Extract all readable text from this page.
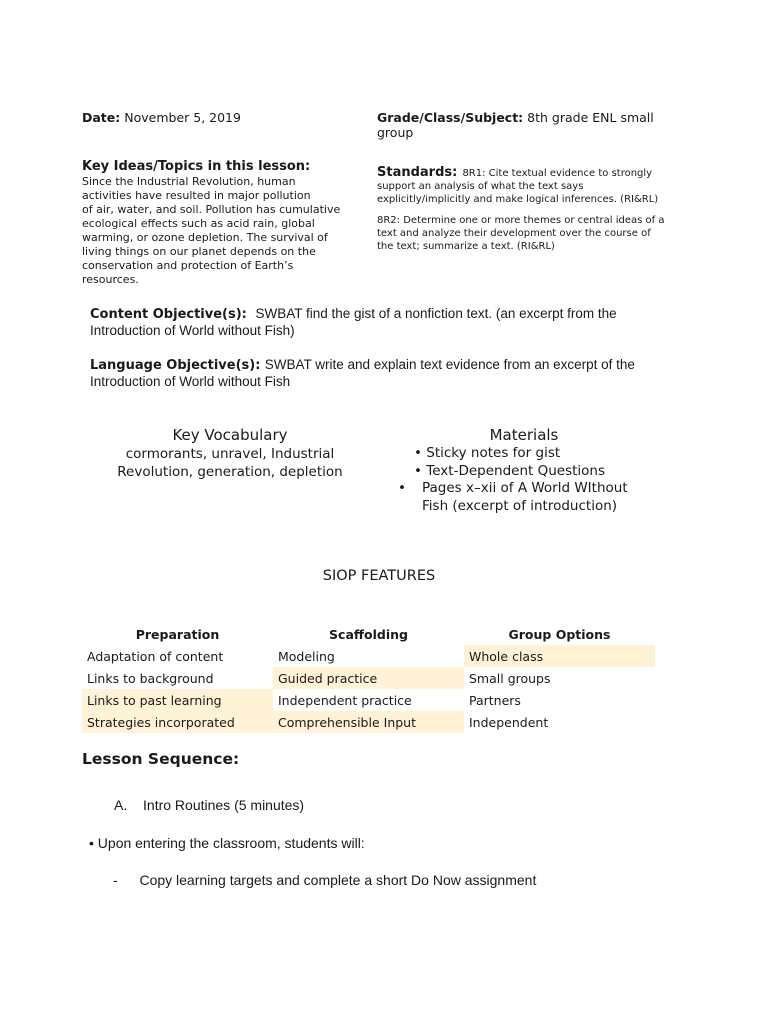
Date: November 5, 2019	Grade/Class/Subject: 8th grade ENL small
group
Key Ideas/Topics in this lesson:
Since the Industrial Revolution, human
activities have resulted in major pollution
of air, water, and soil. Pollution has cumulative
ecological effects such as acid rain, global
warming, or ozone depletion. The survival of
living things on our planet depends on the
conservation and protection of Earth’s
resources.
Standards: 8R1: Cite textual evidence to strongly
support an analysis of what the text says
explicitly/implicitly and make logical inferences. (RI&RL)
8R2: Determine one or more themes or central ideas of a
text and analyze their development over the course of
the text; summarize a text. (RI&RL)
Content Objective(s): SWBAT find the gist of a nonfiction text. (an excerpt from the
Introduction of World without Fish)
Language Objective(s): SWBAT write and explain text evidence from an excerpt of the
Introduction of World without Fish
Key Vocabulary
cormorants, unravel, Industrial
Revolution, generation, depletion
Materials
• Sticky notes for gist
• Text-Dependent Questions
• Pages x–xii of A World WIthout
Fish (excerpt of introduction)
SIOP FEATURES
Preparation	Scaffolding	Group Options
Adaptation of content	Modeling	Whole class
Links to background	Guided practice	Small groups
Links to past learning	Independent practice	Partners
Strategies incorporated	Comprehensible Input	Independent
Lesson Sequence:
A. Intro Routines (5 minutes)
• Upon entering the classroom, students will:
- Copy learning targets and complete a short Do Now assignment
